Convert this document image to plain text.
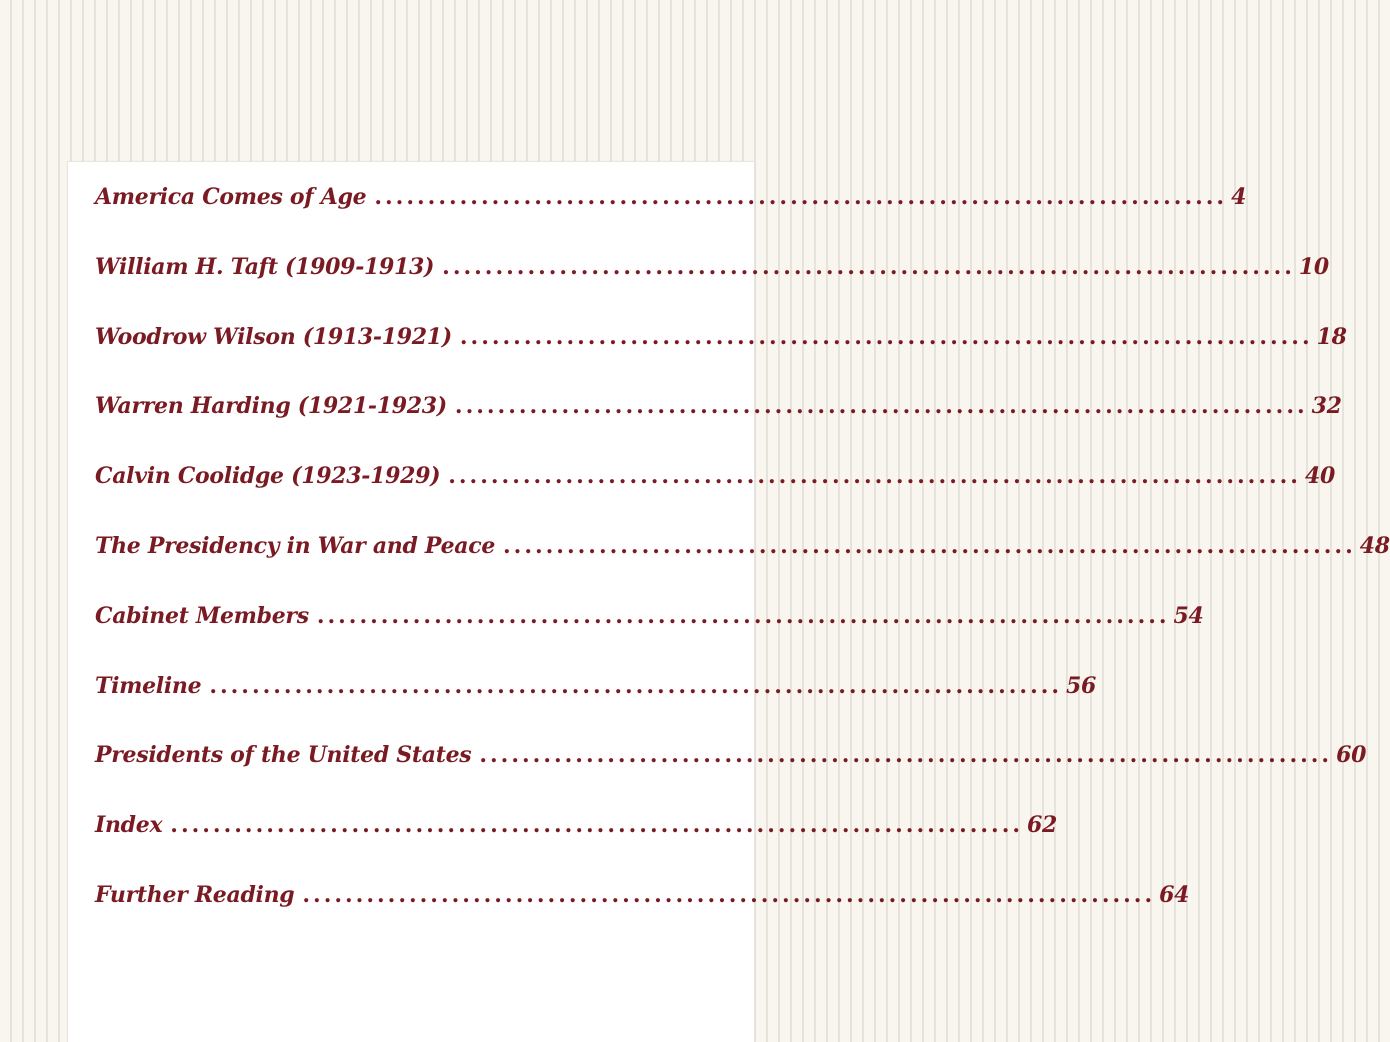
America Comes of Age ................................................................................ 4
William H. Taft (1909-1913) ................................................................................ 10
Woodrow Wilson (1913-1921) ................................................................................ 18
Warren Harding (1921-1923) ................................................................................ 32
Calvin Coolidge (1923-1929) ................................................................................ 40
The Presidency in War and Peace ................................................................................ 48
Cabinet Members ................................................................................ 54
Timeline ................................................................................ 56
Presidents of the United States ................................................................................ 60
Index ................................................................................ 62
Further Reading ................................................................................ 64
